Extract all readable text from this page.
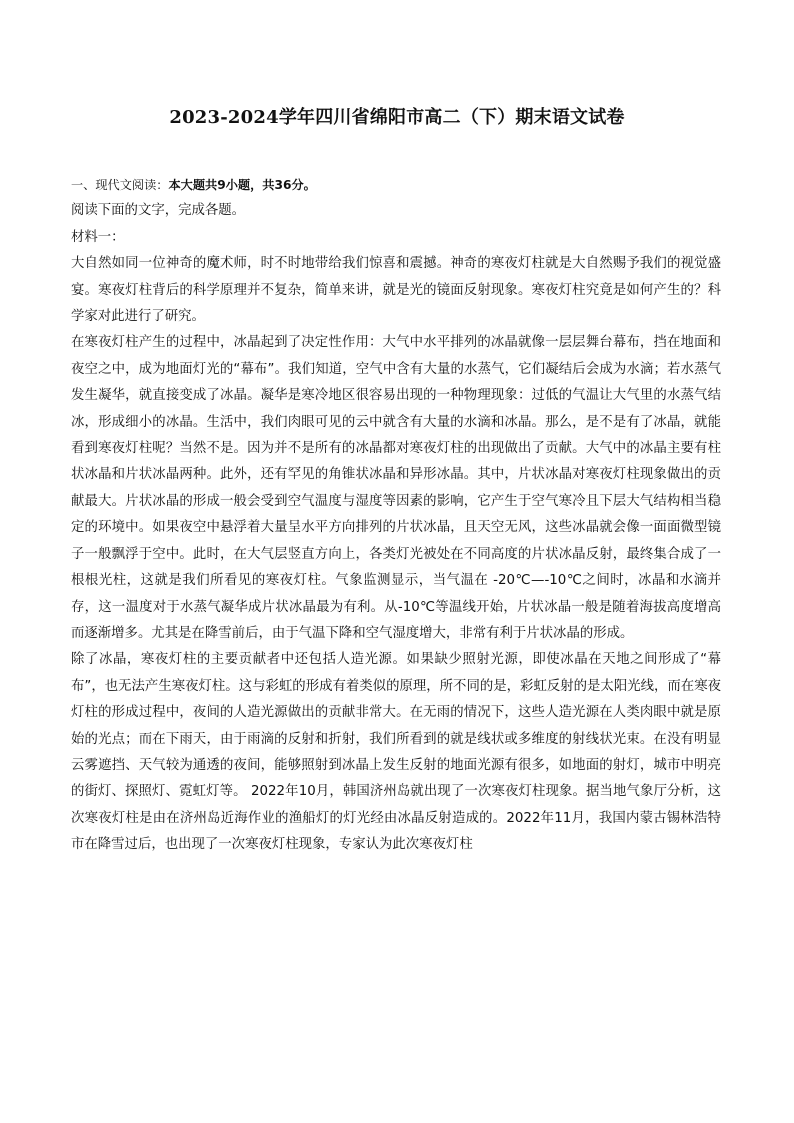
2023-2024学年四川省绵阳市高二（下）期末语文试卷

一、现代文阅读：本大题共9小题，共36分。

阅读下面的文字，完成各题。

材料一：

大自然如同一位神奇的魔术师，时不时地带给我们惊喜和震撼。神奇的寒夜灯柱就是大自然赐予我们的视觉盛宴。寒夜灯柱背后的科学原理并不复杂，简单来讲，就是光的镜面反射现象。寒夜灯柱究竟是如何产生的？科学家对此进行了研究。

在寒夜灯柱产生的过程中，冰晶起到了决定性作用：大气中水平排列的冰晶就像一层层舞台幕布，挡在地面和夜空之中，成为地面灯光的“幕布”。我们知道，空气中含有大量的水蒸气，它们凝结后会成为水滴；若水蒸气发生凝华，就直接变成了冰晶。凝华是寒冷地区很容易出现的一种物理现象：过低的气温让大气里的水蒸气结冰，形成细小的冰晶。生活中，我们肉眼可见的云中就含有大量的水滴和冰晶。那么，是不是有了冰晶，就能看到寒夜灯柱呢？当然不是。因为并不是所有的冰晶都对寒夜灯柱的出现做出了贡献。大气中的冰晶主要有柱状冰晶和片状冰晶两种。此外，还有罕见的角锥状冰晶和异形冰晶。其中，片状冰晶对寒夜灯柱现象做出的贡献最大。片状冰晶的形成一般会受到空气温度与湿度等因素的影响，它产生于空气寒冷且下层大气结构相当稳定的环境中。如果夜空中悬浮着大量呈水平方向排列的片状冰晶，且天空无风，这些冰晶就会像一面面微型镜子一般飘浮于空中。此时，在大气层竖直方向上，各类灯光被处在不同高度的片状冰晶反射，最终集合成了一根根光柱，这就是我们所看见的寒夜灯柱。气象监测显示，当气温在 -20℃—-10℃之间时，冰晶和水滴并存，这一温度对于水蒸气凝华成片状冰晶最为有利。从-10℃等温线开始，片状冰晶一般是随着海拔高度增高而逐渐增多。尤其是在降雪前后，由于气温下降和空气湿度增大，非常有利于片状冰晶的形成。

除了冰晶，寒夜灯柱的主要贡献者中还包括人造光源。如果缺少照射光源，即使冰晶在天地之间形成了“幕布”，也无法产生寒夜灯柱。这与彩虹的形成有着类似的原理，所不同的是，彩虹反射的是太阳光线，而在寒夜灯柱的形成过程中，夜间的人造光源做出的贡献非常大。在无雨的情况下，这些人造光源在人类肉眼中就是原始的光点；而在下雨天，由于雨滴的反射和折射，我们所看到的就是线状或多维度的射线状光束。在没有明显云雾遮挡、天气较为通透的夜间，能够照射到冰晶上发生反射的地面光源有很多，如地面的射灯，城市中明亮的街灯、探照灯、霓虹灯等。 2022年10月，韩国济州岛就出现了一次寒夜灯柱现象。据当地气象厅分析，这次寒夜灯柱是由在济州岛近海作业的渔船灯的灯光经由冰晶反射造成的。2022年11月，我国内蒙古锡林浩特市在降雪过后，也出现了一次寒夜灯柱现象，专家认为此次寒夜灯柱
